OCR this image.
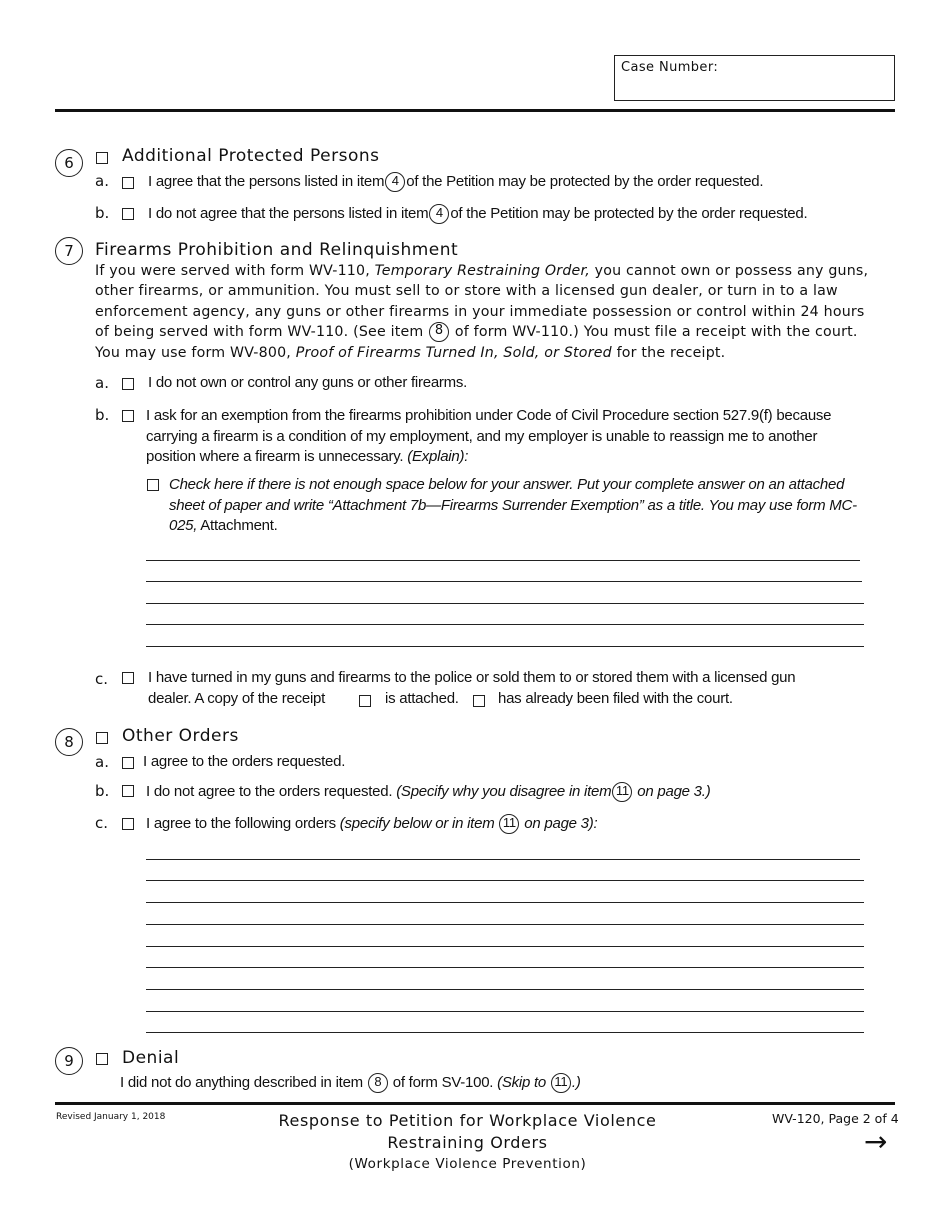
Case Number:
6	Additional Protected Persons
a.	I agree that the persons listed in item 4 of the Petition may be protected by the order requested.
b.	I do not agree that the persons listed in item 4 of the Petition may be protected by the order requested.
7	Firearms Prohibition and Relinquishment
If you were served with form WV-110, Temporary Restraining Order, you cannot own or possess any guns, other firearms, or ammunition. You must sell to or store with a licensed gun dealer, or turn in to a law enforcement agency, any guns or other firearms in your immediate possession or control within 24 hours of being served with form WV-110. (See item 8 of form WV-110.) You must file a receipt with the court. You may use form WV-800, Proof of Firearms Turned In, Sold, or Stored for the receipt.
a.	I do not own or control any guns or other firearms.
b. I ask for an exemption from the firearms prohibition under Code of Civil Procedure section 527.9(f) because carrying a firearm is a condition of my employment, and my employer is unable to reassign me to another position where a firearm is unnecessary. (Explain):
Check here if there is not enough space below for your answer. Put your complete answer on an attached sheet of paper and write “Attachment 7b—Firearms Surrender Exemption” as a title. You may use form MC-025, Attachment.
c.	I have turned in my guns and firearms to the police or sold them to or stored them with a licensed gun
dealer. A copy of the receipt	is attached.	has already been filed with the court.
8	Other Orders
a. I agree to the orders requested.
b. I do not agree to the orders requested. (Specify why you disagree in item 11 on page 3.)
c.	I agree to the following orders (specify below or in item 11 on page 3):
9	Denial
I did not do anything described in item 8 of form SV-100. (Skip to 11 .)
Revised January 1, 2018	Response to Petition for Workplace Violence
Restraining Orders
(Workplace Violence Prevention)
WV-120, Page 2 of 4
→
